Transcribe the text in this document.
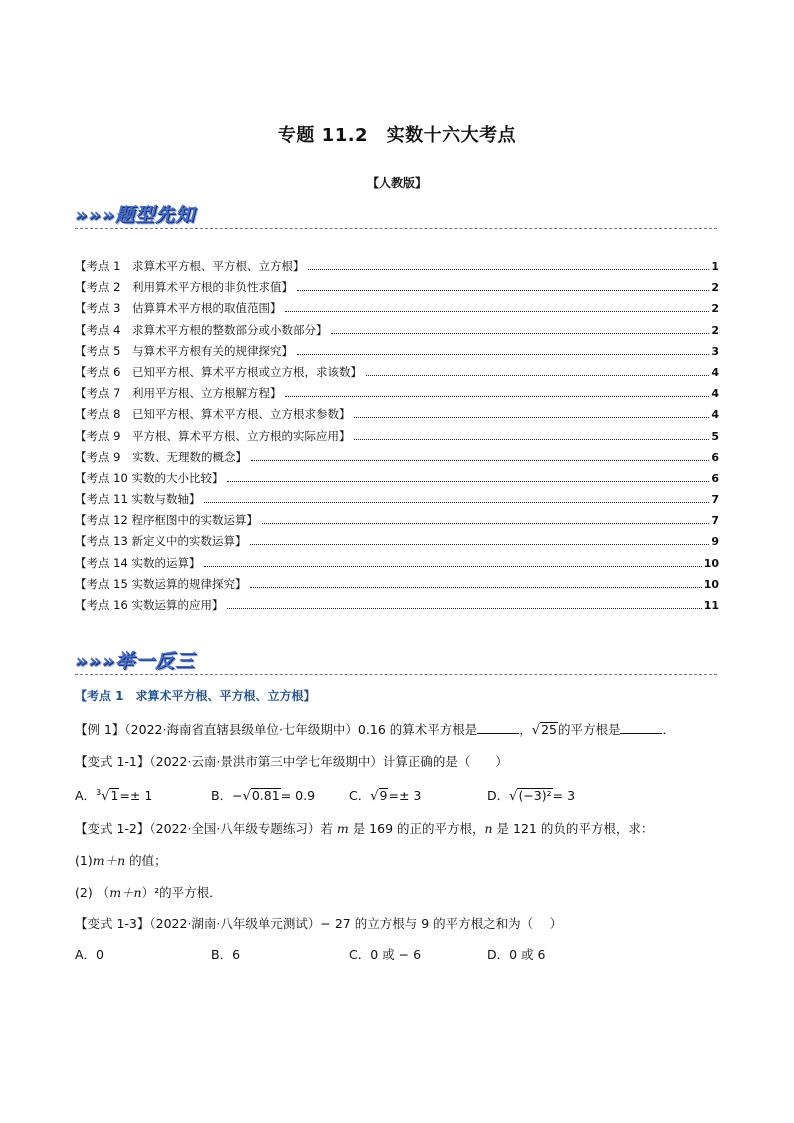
专题 11.2　实数十六大考点
【人教版】
»»»题型先知
【考点 1　求算术平方根、平方根、立方根】	1
【考点 2　利用算术平方根的非负性求值】	2
【考点 3　估算算术平方根的取值范围】	2
【考点 4　求算术平方根的整数部分或小数部分】	2
【考点 5　与算术平方根有关的规律探究】	3
【考点 6　已知平方根、算术平方根或立方根，求该数】	4
【考点 7　利用平方根、立方根解方程】	4
【考点 8　已知平方根、算术平方根、立方根求参数】	4
【考点 9　平方根、算术平方根、立方根的实际应用】	5
【考点 9　实数、无理数的概念】	6
【考点 10 实数的大小比较】	6
【考点 11 实数与数轴】	7
【考点 12 程序框图中的实数运算】	7
【考点 13 新定义中的实数运算】	9
【考点 14 实数的运算】	10
【考点 15 实数运算的规律探究】	10
【考点 16 实数运算的应用】	11
»»»举一反三
【考点 1　求算术平方根、平方根、立方根】
【例 1】（2022·海南省直辖县级单位·七年级期中）0.16 的算术平方根是	，√25的平方根是	．
【变式 1-1】（2022·云南·景洪市第三中学七年级期中）计算正确的是（　　）
A．$^3$√1=± 1	B．−√0.81= 0.9	C．√9=± 3	D．√(−3)²= 3
【变式 1-2】（2022·全国·八年级专题练习）若 m 是 169 的正的平方根，n 是 121 的负的平方根，求：
(1)m＋n 的值；
(2) （m＋n）²的平方根．
【变式 1-3】（2022·湖南·八年级单元测试）− 27 的立方根与 9 的平方根之和为（　 ）
A．0	B．6	C．0 或 − 6	D．0 或 6
